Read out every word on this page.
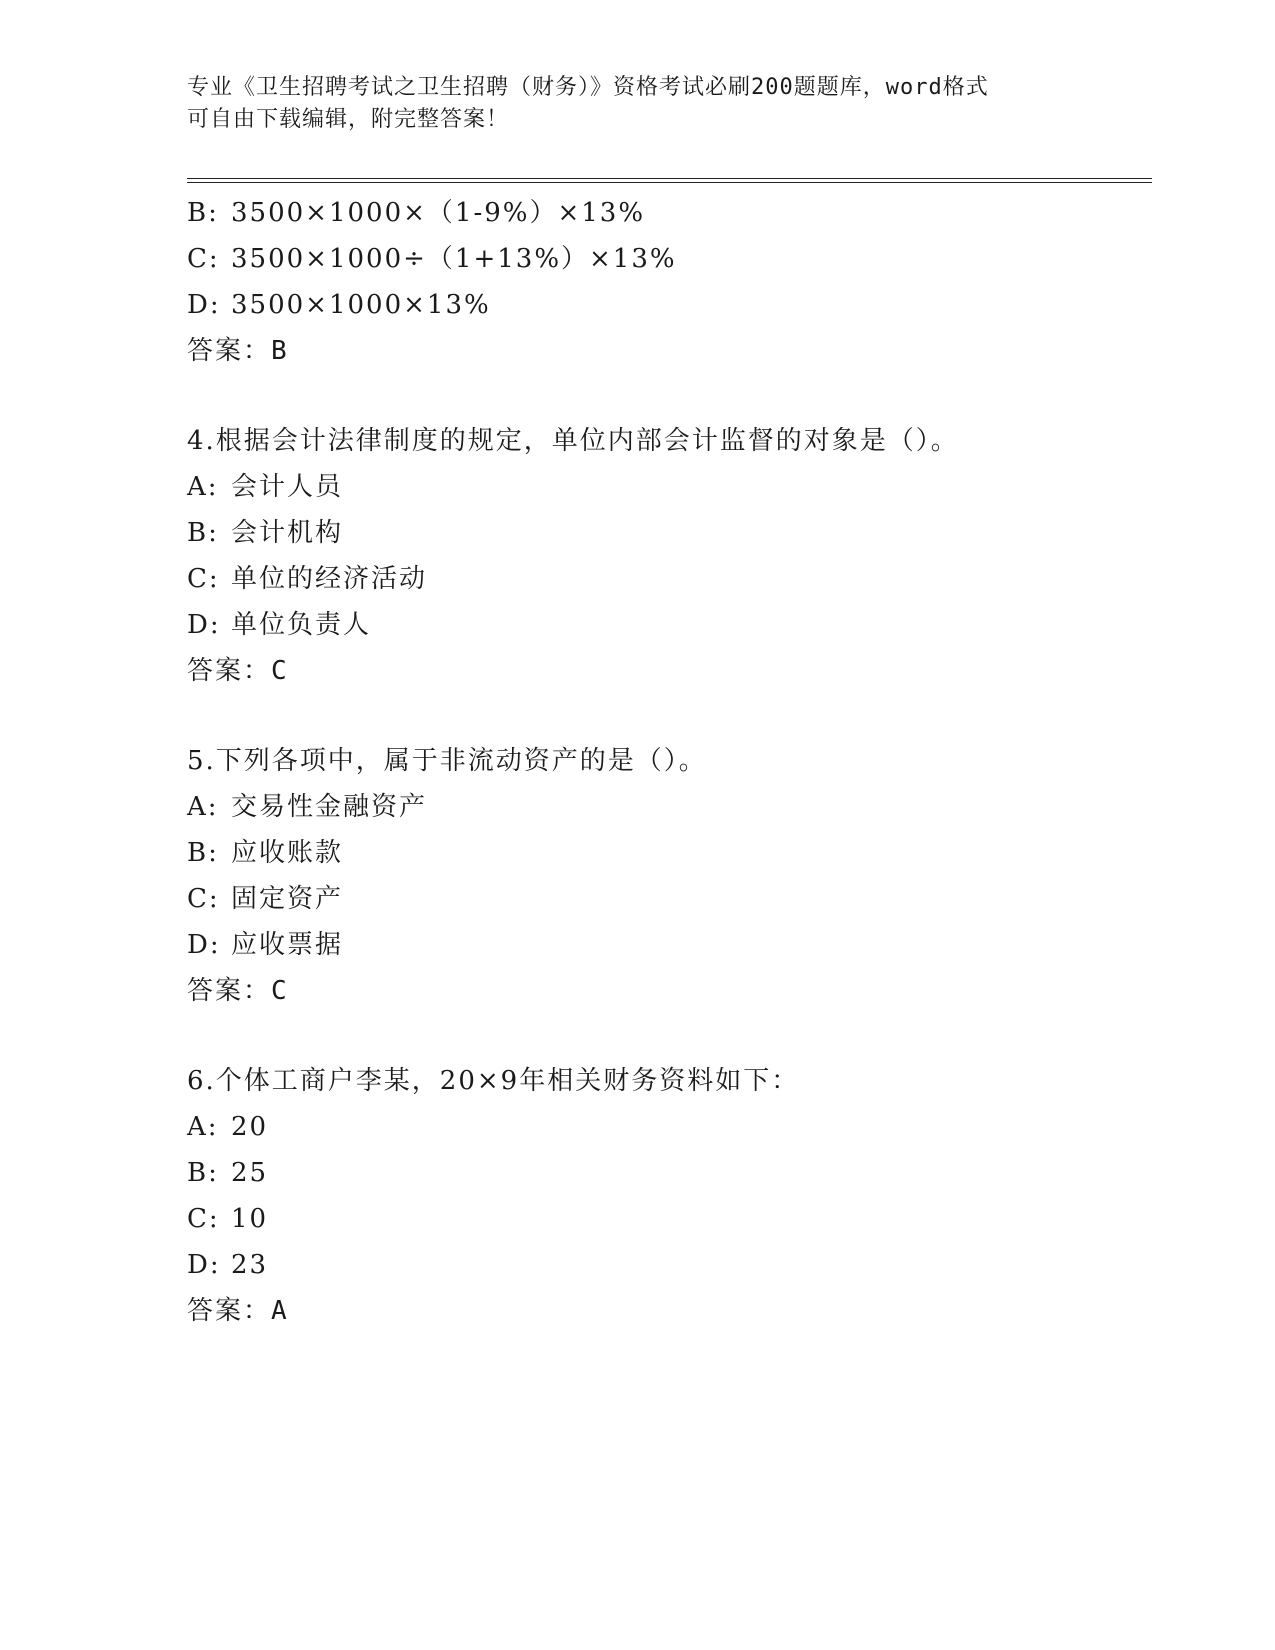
专业《卫生招聘考试之卫生招聘（财务）》资格考试必刷200题题库，word格式
可自由下载编辑，附完整答案！
B: 3500×1000×（1-9%）×13%
C: 3500×1000÷（1+13%）×13%
D: 3500×1000×13%
答案：B
4.根据会计法律制度的规定，单位内部会计监督的对象是（）。
A: 会计人员
B: 会计机构
C: 单位的经济活动
D: 单位负责人
答案：C
5.下列各项中，属于非流动资产的是（）。
A: 交易性金融资产
B: 应收账款
C: 固定资产
D: 应收票据
答案：C
6.个体工商户李某，20×9年相关财务资料如下：
A: 20
B: 25
C: 10
D: 23
答案：A
